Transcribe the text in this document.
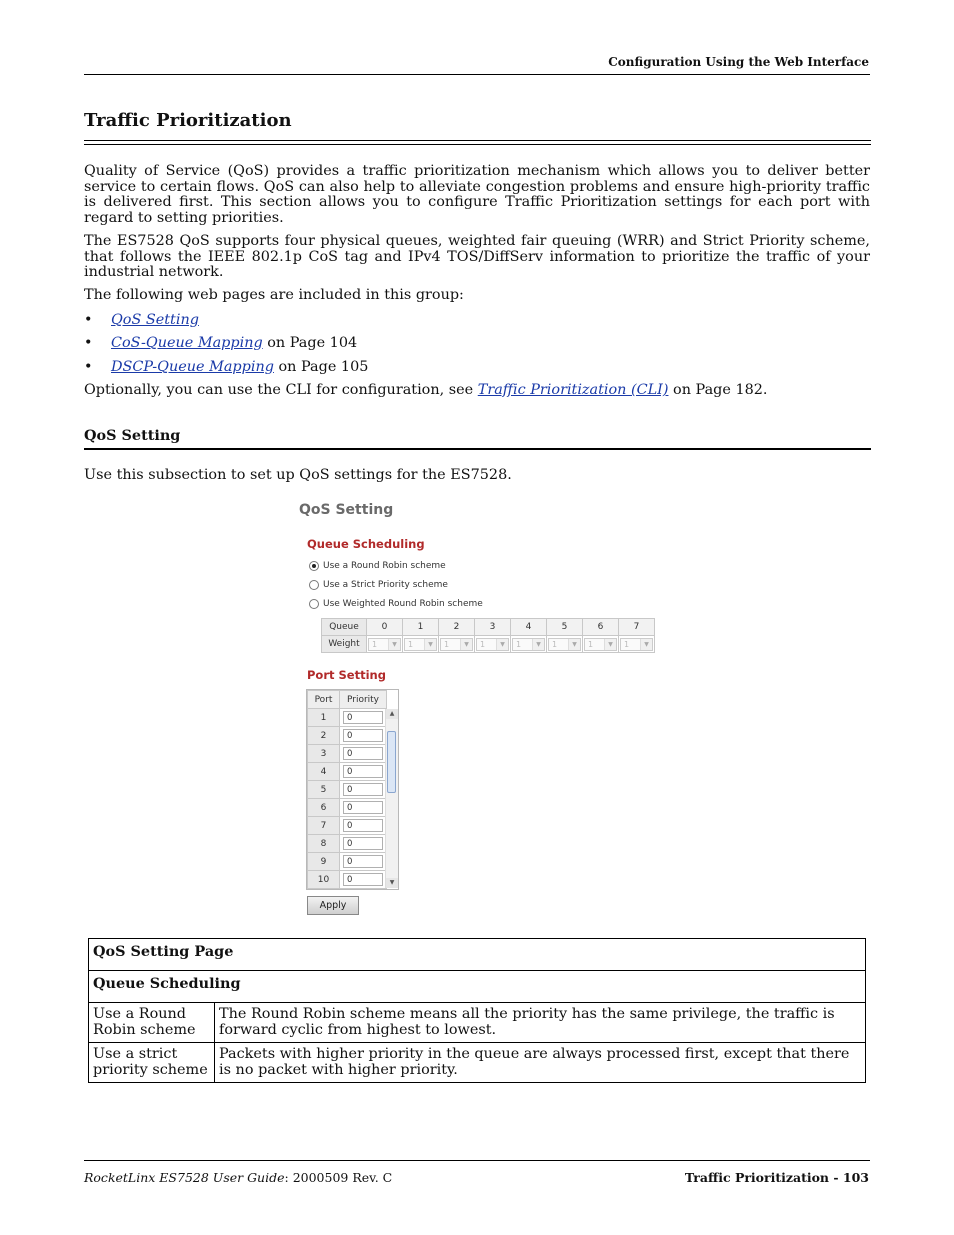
Configuration Using the Web Interface
Traffic Prioritization
Quality of Service (QoS) provides a traffic prioritization mechanism which allows you to deliver better service to certain flows. QoS can also help to alleviate congestion problems and ensure high-priority traffic is delivered first. This section allows you to configure Traffic Prioritization settings for each port with regard to setting priorities.
The ES7528 QoS supports four physical queues, weighted fair queuing (WRR) and Strict Priority scheme, that follows the IEEE 802.1p CoS tag and IPv4 TOS/DiffServ information to prioritize the traffic of your industrial network.
The following web pages are included in this group:
• QoS Setting
• CoS-Queue Mapping on Page 104
• DSCP-Queue Mapping on Page 105
Optionally, you can use the CLI for configuration, see Traffic Prioritization (CLI) on Page 182.
QoS Setting
Use this subsection to set up QoS settings for the ES7528.
QoS Setting
Queue Scheduling
Use a Round Robin scheme
Use a Strict Priority scheme
Use Weighted Round Robin scheme
Queue	0	1	2	3	4	5	6	7
Weight	1 ▼	1 ▼	1 ▼	1 ▼	1 ▼	1 ▼	1 ▼	1 ▼
Port Setting
Port	Priority
1	0
2	0
3	0
4	0
5	0
6	0
7	0
8	0
9	0
10	0
▲
▼
Apply
QoS Setting Page	
Queue Scheduling	
Use a Round Robin scheme	The Round Robin scheme means all the priority has the same privilege, the traffic is forward cyclic from highest to lowest.
Use a strict priority scheme	Packets with higher priority in the queue are always processed first, except that there is no packet with higher priority.
RocketLinx ES7528 User Guide: 2000509 Rev. C	Traffic Prioritization - 103
